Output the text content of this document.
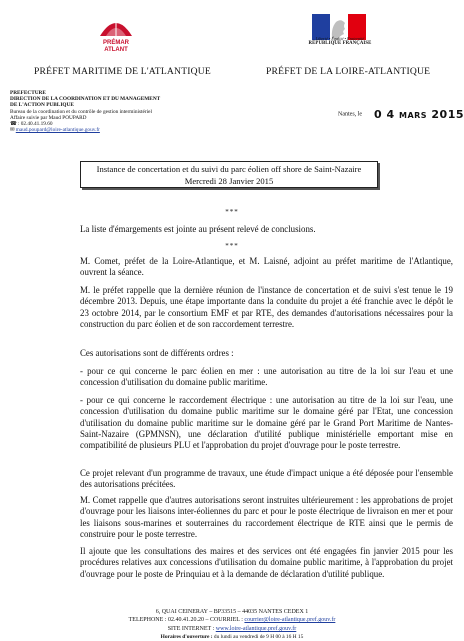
PRÉMAR
ATLANT
Liberté • Égalité • Fraternité
RÉPUBLIQUE FRANÇAISE
PRÉFET MARITIME DE L'ATLANTIQUE	PRÉFET DE LA LOIRE-ATLANTIQUE
PREFECTURE
DIRECTION DE LA COORDINATION ET DU MANAGEMENT
DE L'ACTION PUBLIQUE
Bureau de la coordination et du contrôle de gestion interministériel
Affaire suivie par Maud POUPARD
☎ : 02.40.41.19.60
✉ maud.poupard@loire-atlantique.gouv.fr
Nantes, le 0 4 MARS 2015
Instance de concertation et du suivi du parc éolien off shore de Saint-Nazaire
Mercredi 28 Janvier 2015
***
La liste d'émargements est jointe au présent relevé de conclusions.
***
M. Comet, préfet de la Loire-Atlantique, et M. Laisné, adjoint au préfet maritime de l'Atlantique, ouvrent la séance.
M. le préfet rappelle que la dernière réunion de l'instance de concertation et de suivi s'est tenue le 19 décembre 2013. Depuis, une étape importante dans la conduite du projet a été franchie avec le dépôt le 23 octobre 2014, par le consortium EMF et par RTE, des demandes d'autorisations nécessaires pour la construction du parc éolien et de son raccordement terrestre.
Ces autorisations sont de différents ordres :
- pour ce qui concerne le parc éolien en mer : une autorisation au titre de la loi sur l'eau et une concession d'utilisation du domaine public maritime.
- pour ce qui concerne le raccordement électrique : une autorisation au titre de la loi sur l'eau, une concession d'utilisation du domaine public maritime sur le domaine géré par l'Etat, une concession d'utilisation du domaine public maritime sur le domaine géré par le Grand Port Maritime de Nantes-Saint-Nazaire (GPMNSN), une déclaration d'utilité publique ministérielle emportant mise en compatibilité de plusieurs PLU et l'approbation du projet d'ouvrage pour le poste terrestre.
Ce projet relevant d'un programme de travaux, une étude d'impact unique a été déposée pour l'ensemble des autorisations précitées.
M. Comet rappelle que d'autres autorisations seront instruites ultérieurement : les approbations de projet d'ouvrage pour les liaisons inter-éoliennes du parc et pour le poste électrique de livraison en mer et pour les liaisons sous-marines et souterraines du raccordement électrique de RTE ainsi que le permis de construire pour le poste terrestre.
Il ajoute que les consultations des maires et des services ont été engagées fin janvier 2015 pour les procédures relatives aux concessions d'utilisation du domaine public maritime, à l'approbation du projet d'ouvrage pour le poste de Prinquiau et à la demande de déclaration d'utilité publique.
6, QUAI CEINERAY – BP33515 – 44035 NANTES CEDEX 1
TELEPHONE : 02.40.41.20.20 – COURRIEL : courrier@loire-atlantique.pref.gouv.fr
SITE INTERNET : www.loire-atlantique.pref.gouv.fr
Horaires d'ouverture : du lundi au vendredi de 9 H 00 à 16 H 15
